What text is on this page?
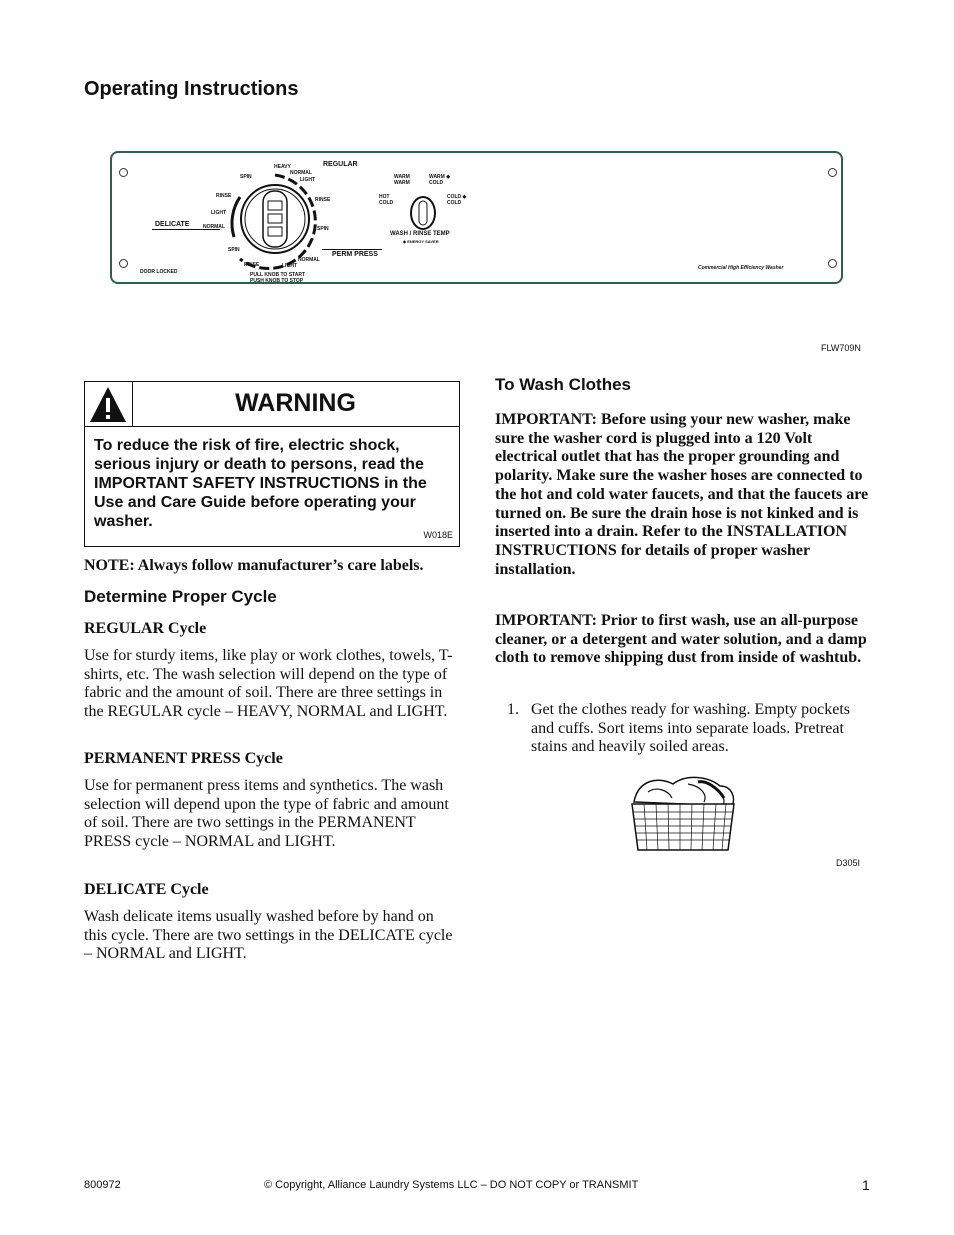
Operating Instructions
REGULAR
HEAVY
NORMAL
LIGHT
SPIN
RINSE
LIGHT
DELICATE	NORMAL
RINSE
SPIN
SPIN
RINSE	LIGHT
NORMAL
PERM PRESS
PULL KNOB TO START
PUSH KNOB TO STOP
DOOR LOCKED
WARM
WARM
WARM ◆
COLD
HOT
COLD
COLD ◆
COLD
WASH / RINSE TEMP
◆ ENERGY SAVER
Commercial High Efficiency Washer
FLW709N
WARNING
To reduce the risk of fire, electric shock, serious injury or death to persons, read the IMPORTANT SAFETY INSTRUCTIONS in the Use and Care Guide before operating your washer.
W018E

NOTE: Always follow manufacturer’s care labels.

Determine Proper Cycle

REGULAR Cycle

Use for sturdy items, like play or work clothes, towels, T-shirts, etc. The wash selection will depend on the type of fabric and the amount of soil. There are three settings in the REGULAR cycle – HEAVY, NORMAL and LIGHT.

PERMANENT PRESS Cycle

Use for permanent press items and synthetics. The wash selection will depend upon the type of fabric and amount of soil. There are two settings in the PERMANENT PRESS cycle – NORMAL and LIGHT.

DELICATE Cycle

Wash delicate items usually washed before by hand on this cycle. There are two settings in the DELICATE cycle – NORMAL and LIGHT.

To Wash Clothes

IMPORTANT: Before using your new washer, make sure the washer cord is plugged into a 120 Volt electrical outlet that has the proper grounding and polarity. Make sure the washer hoses are connected to the hot and cold water faucets, and that the faucets are turned on. Be sure the drain hose is not kinked and is inserted into a drain. Refer to the INSTALLATION INSTRUCTIONS for details of proper washer installation.

IMPORTANT: Prior to first wash, use an all-purpose cleaner, or a detergent and water solution, and a damp cloth to remove shipping dust from inside of washtub.

1. Get the clothes ready for washing. Empty pockets and cuffs. Sort items into separate loads. Pretreat stains and heavily soiled areas.

D305I
800972	© Copyright, Alliance Laundry Systems LLC – DO NOT COPY or TRANSMIT	1
